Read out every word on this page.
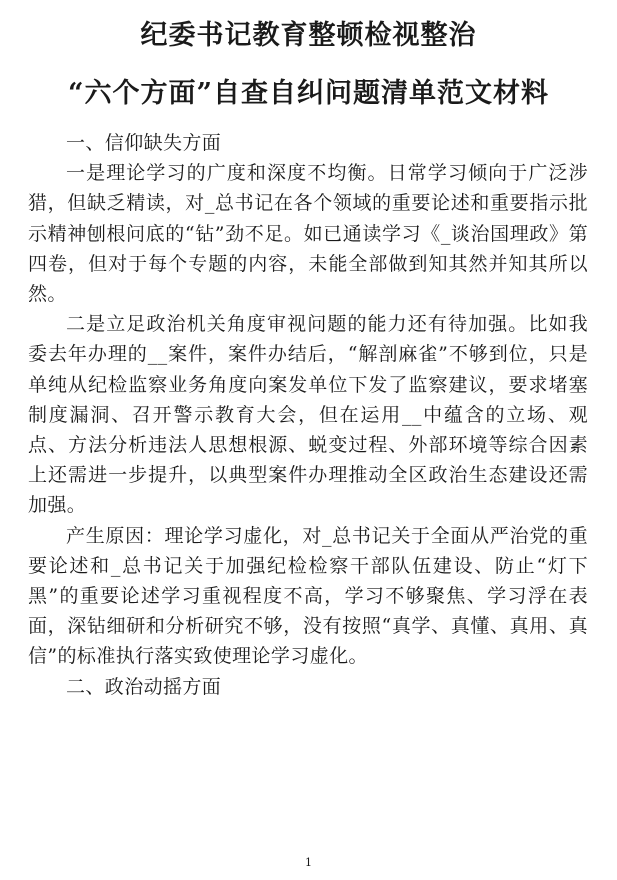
纪委书记教育整顿检视整治
“六个方面”自查自纠问题清单范文材料

一、信仰缺失方面

一是理论学习的广度和深度不均衡。日常学习倾向于广泛涉猎，但缺乏精读，对_总书记在各个领域的重要论述和重要指示批示精神刨根问底的“钻”劲不足。如已通读学习《_谈治国理政》第四卷，但对于每个专题的内容，未能全部做到知其然并知其所以然。

二是立足政治机关角度审视问题的能力还有待加强。比如我委去年办理的__案件，案件办结后，“解剖麻雀”不够到位，只是单纯从纪检监察业务角度向案发单位下发了监察建议，要求堵塞制度漏洞、召开警示教育大会，但在运用__中蕴含的立场、观点、方法分析违法人思想根源、蜕变过程、外部环境等综合因素上还需进一步提升，以典型案件办理推动全区政治生态建设还需加强。

产生原因：理论学习虚化，对_总书记关于全面从严治党的重要论述和_总书记关于加强纪检检察干部队伍建设、防止“灯下黑”的重要论述学习重视程度不高，学习不够聚焦、学习浮在表面，深钻细研和分析研究不够，没有按照“真学、真懂、真用、真信”的标准执行落实致使理论学习虚化。

二、政治动摇方面

1
